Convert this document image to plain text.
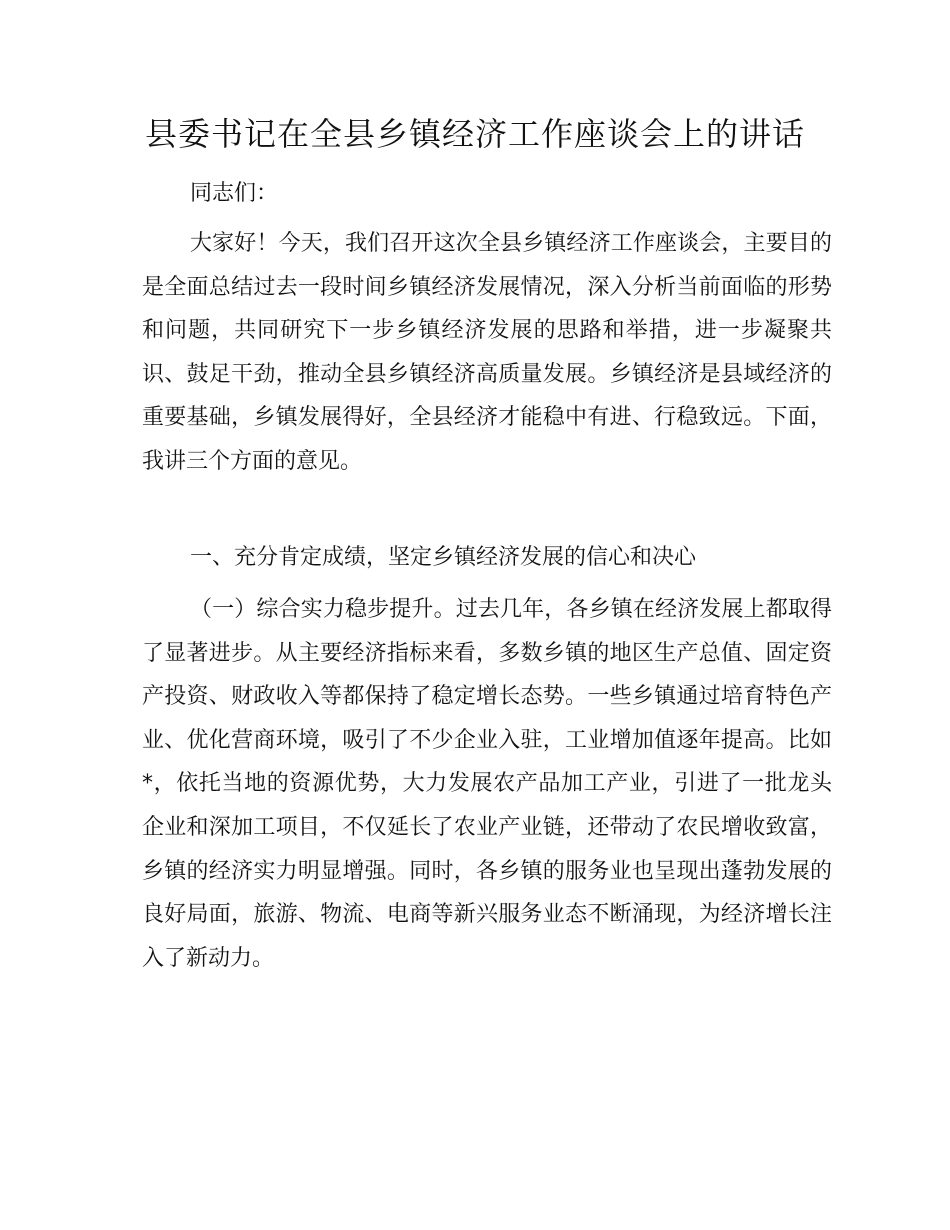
县委书记在全县乡镇经济工作座谈会上的讲话

同志们：

大家好！今天，我们召开这次全县乡镇经济工作座谈会，主要目的是全面总结过去一段时间乡镇经济发展情况，深入分析当前面临的形势和问题，共同研究下一步乡镇经济发展的思路和举措，进一步凝聚共识、鼓足干劲，推动全县乡镇经济高质量发展。乡镇经济是县域经济的重要基础，乡镇发展得好，全县经济才能稳中有进、行稳致远。下面，我讲三个方面的意见。

一、充分肯定成绩，坚定乡镇经济发展的信心和决心

（一）综合实力稳步提升。过去几年，各乡镇在经济发展上都取得了显著进步。从主要经济指标来看，多数乡镇的地区生产总值、固定资产投资、财政收入等都保持了稳定增长态势。一些乡镇通过培育特色产业、优化营商环境，吸引了不少企业入驻，工业增加值逐年提高。比如*，依托当地的资源优势，大力发展农产品加工产业，引进了一批龙头企业和深加工项目，不仅延长了农业产业链，还带动了农民增收致富，乡镇的经济实力明显增强。同时，各乡镇的服务业也呈现出蓬勃发展的良好局面，旅游、物流、电商等新兴服务业态不断涌现，为经济增长注入了新动力。
